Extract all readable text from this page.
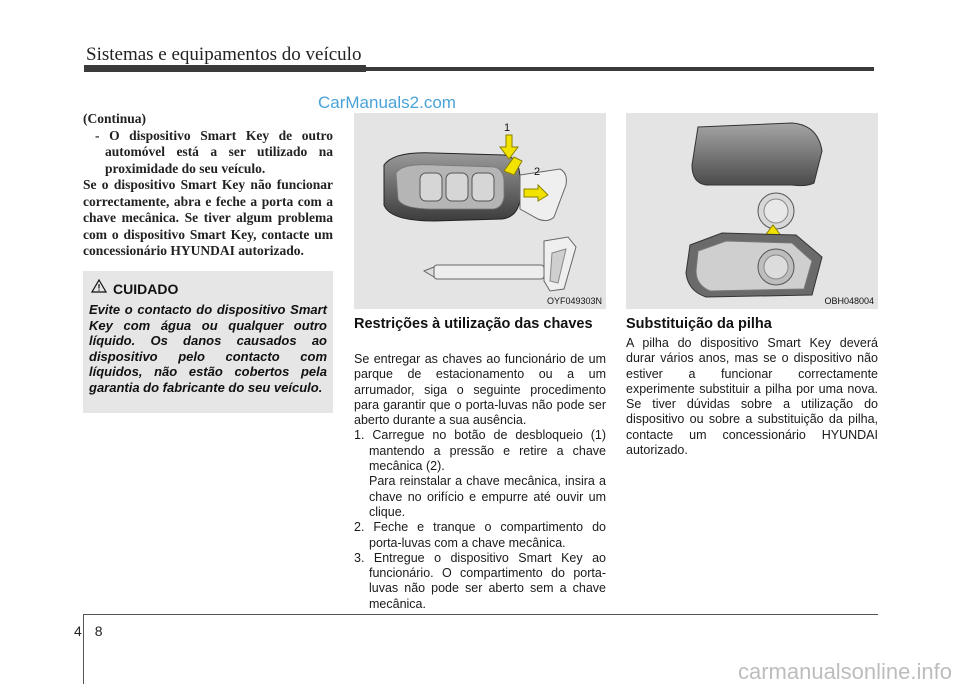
Sistemas e equipamentos do veículo
CarManuals2.com
(Continua)
- O dispositivo Smart Key de outro automóvel está a ser utilizado na proximidade do seu veículo.
Se o dispositivo Smart Key não funcionar correctamente, abra e feche a porta com a chave mecânica. Se tiver algum problema com o dispositivo Smart Key, contacte um concessionário HYUNDAI autorizado.
CUIDADO
Evite o contacto do dispositivo Smart Key com água ou qualquer outro líquido. Os danos causados ao dispositivo pelo contacto com líquidos, não estão cobertos pela garantia do fabricante do seu veículo.
1
2
OYF049303N	OBH048004
Restrições à utilização das chaves

Se entregar as chaves ao funcionário de um parque de estacionamento ou a um arrumador, siga o seguinte procedimento para garantir que o porta-luvas não pode ser aberto durante a sua ausência.

1. Carregue no botão de desbloqueio (1) mantendo a pressão e retire a chave mecânica (2).

Para reinstalar a chave mecânica, insira a chave no orifício e empurre até ouvir um clique.

2. Feche e tranque o compartimento do porta-luvas com a chave mecânica.

3. Entregue o dispositivo Smart Key ao funcionário. O compartimento do porta-luvas não pode ser aberto sem a chave mecânica.

Substituição da pilha

A pilha do dispositivo Smart Key deverá durar vários anos, mas se o dispositivo não estiver a funcionar correctamente experimente substituir a pilha por uma nova. Se tiver dúvidas sobre a utilização do dispositivo ou sobre a substituição da pilha, contacte um concessionário HYUNDAI autorizado.

4 8
carmanualsonline.info
